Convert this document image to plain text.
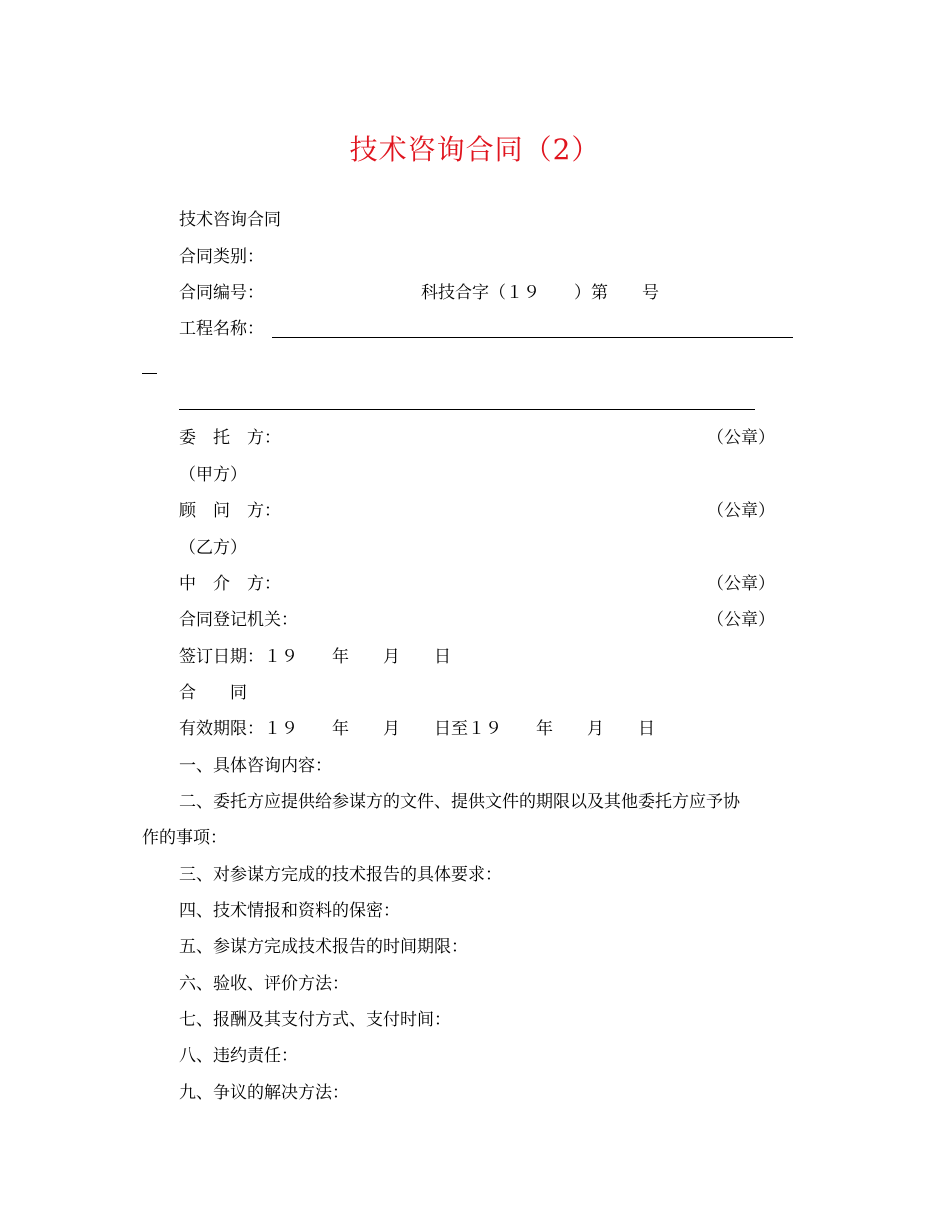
技术咨询合同（2）
技术咨询合同
合同类别：
合同编号：	科技合字（１９　　）第　　号
工程名称：
委　托　方：	（公章）
（甲方）
顾　问　方：	（公章）
（乙方）
中　介　方：	（公章）
合同登记机关：	（公章）
签订日期：１９　　年　　月　　日
合　　同
有效期限：１９　　年　　月　　日至１９　　年　　月　　日
一、具体咨询内容：
二、委托方应提供给参谋方的文件、提供文件的期限以及其他委托方应予协
作的事项：
三、对参谋方完成的技术报告的具体要求：
四、技术情报和资料的保密：
五、参谋方完成技术报告的时间期限：
六、验收、评价方法：
七、报酬及其支付方式、支付时间：
八、违约责任：
九、争议的解决方法：
